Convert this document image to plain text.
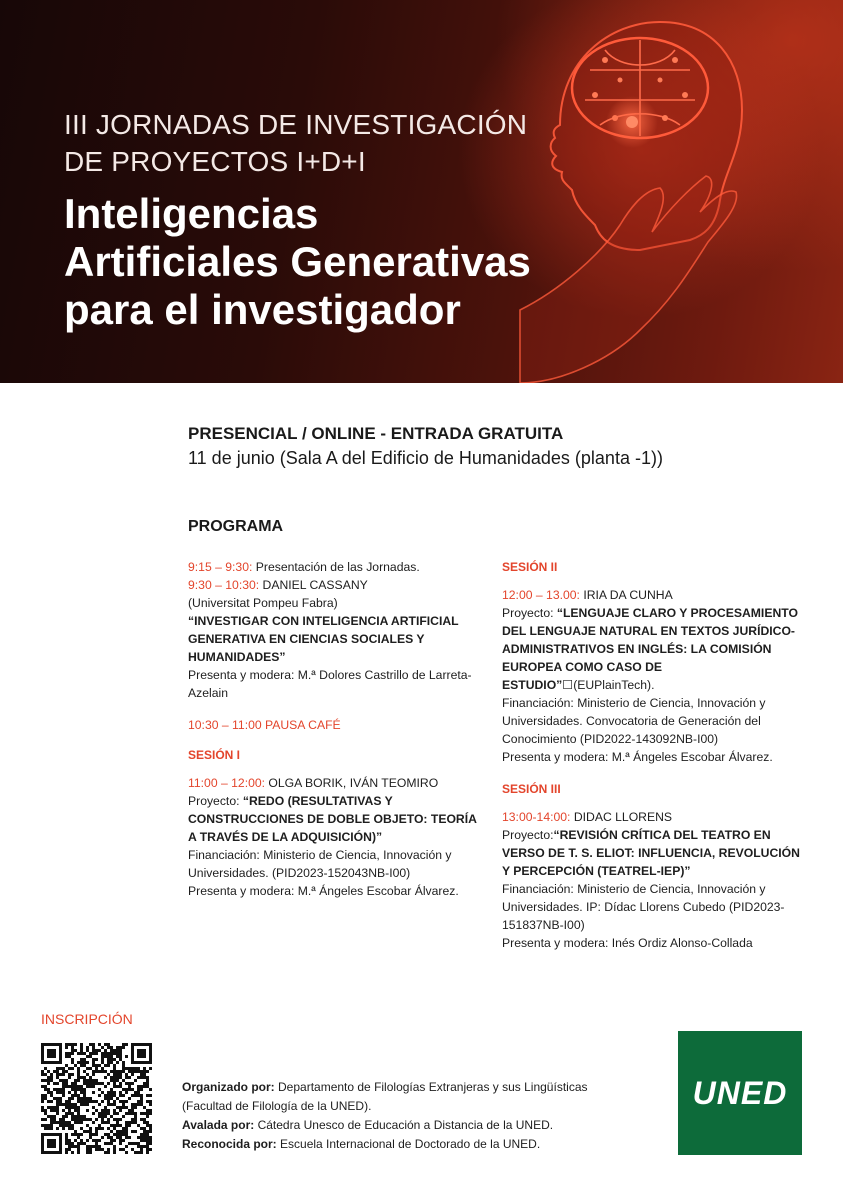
III JORNADAS DE INVESTIGACIÓN
DE PROYECTOS I+D+I
Inteligencias
Artificiales Generativas
para el investigador
PRESENCIAL / ONLINE - ENTRADA GRATUITA
11 de junio (Sala A del Edificio de Humanidades (planta -1))
PROGRAMA
9:15 – 9:30: Presentación de las Jornadas.
9:30 – 10:30: DANIEL CASSANY
(Universitat Pompeu Fabra)
“INVESTIGAR CON INTELIGENCIA ARTIFICIAL GENERATIVA EN CIENCIAS SOCIALES Y HUMANIDADES”
Presenta y modera: M.ª Dolores Castrillo de Larreta-Azelain
10:30 – 11:00 PAUSA CAFÉ
SESIÓN I
11:00 – 12:00: OLGA BORIK, IVÁN TEOMIRO
Proyecto: “REDO (RESULTATIVAS Y CONSTRUCCIONES DE DOBLE OBJETO: TEORÍA A TRAVÉS DE LA ADQUISICIÓN)”
Financiación: Ministerio de Ciencia, Innovación y Universidades. (PID2023-152043NB-I00)
Presenta y modera: M.ª Ángeles Escobar Álvarez.
SESIÓN II
12:00 – 13.00: IRIA DA CUNHA
Proyecto: “LENGUAJE CLARO Y PROCESAMIENTO DEL LENGUAJE NATURAL EN TEXTOS JURÍDICO-ADMINISTRATIVOS EN INGLÉS: LA COMISIÓN EUROPEA COMO CASO DE ESTUDIO”☐(EUPlainTech).
Financiación: Ministerio de Ciencia, Innovación y Universidades. Convocatoria de Generación del Conocimiento (PID2022-143092NB-I00)
Presenta y modera: M.ª Ángeles Escobar Álvarez.
SESIÓN III
13:00-14:00: DIDAC LLORENS
Proyecto:“REVISIÓN CRÍTICA DEL TEATRO EN VERSO DE T. S. ELIOT: INFLUENCIA, REVOLUCIÓN Y PERCEPCIÓN (TEATREL-IEP)”
Financiación: Ministerio de Ciencia, Innovación y Universidades. IP: Dídac Llorens Cubedo (PID2023-151837NB-I00)
Presenta y modera: Inés Ordiz Alonso-Collada
INSCRIPCIÓN
Organizado por: Departamento de Filologías Extranjeras y sus Lingüísticas (Facultad de Filología de la UNED).
Avalada por: Cátedra Unesco de Educación a Distancia de la UNED.
Reconocida por: Escuela Internacional de Doctorado de la UNED.
UNED
